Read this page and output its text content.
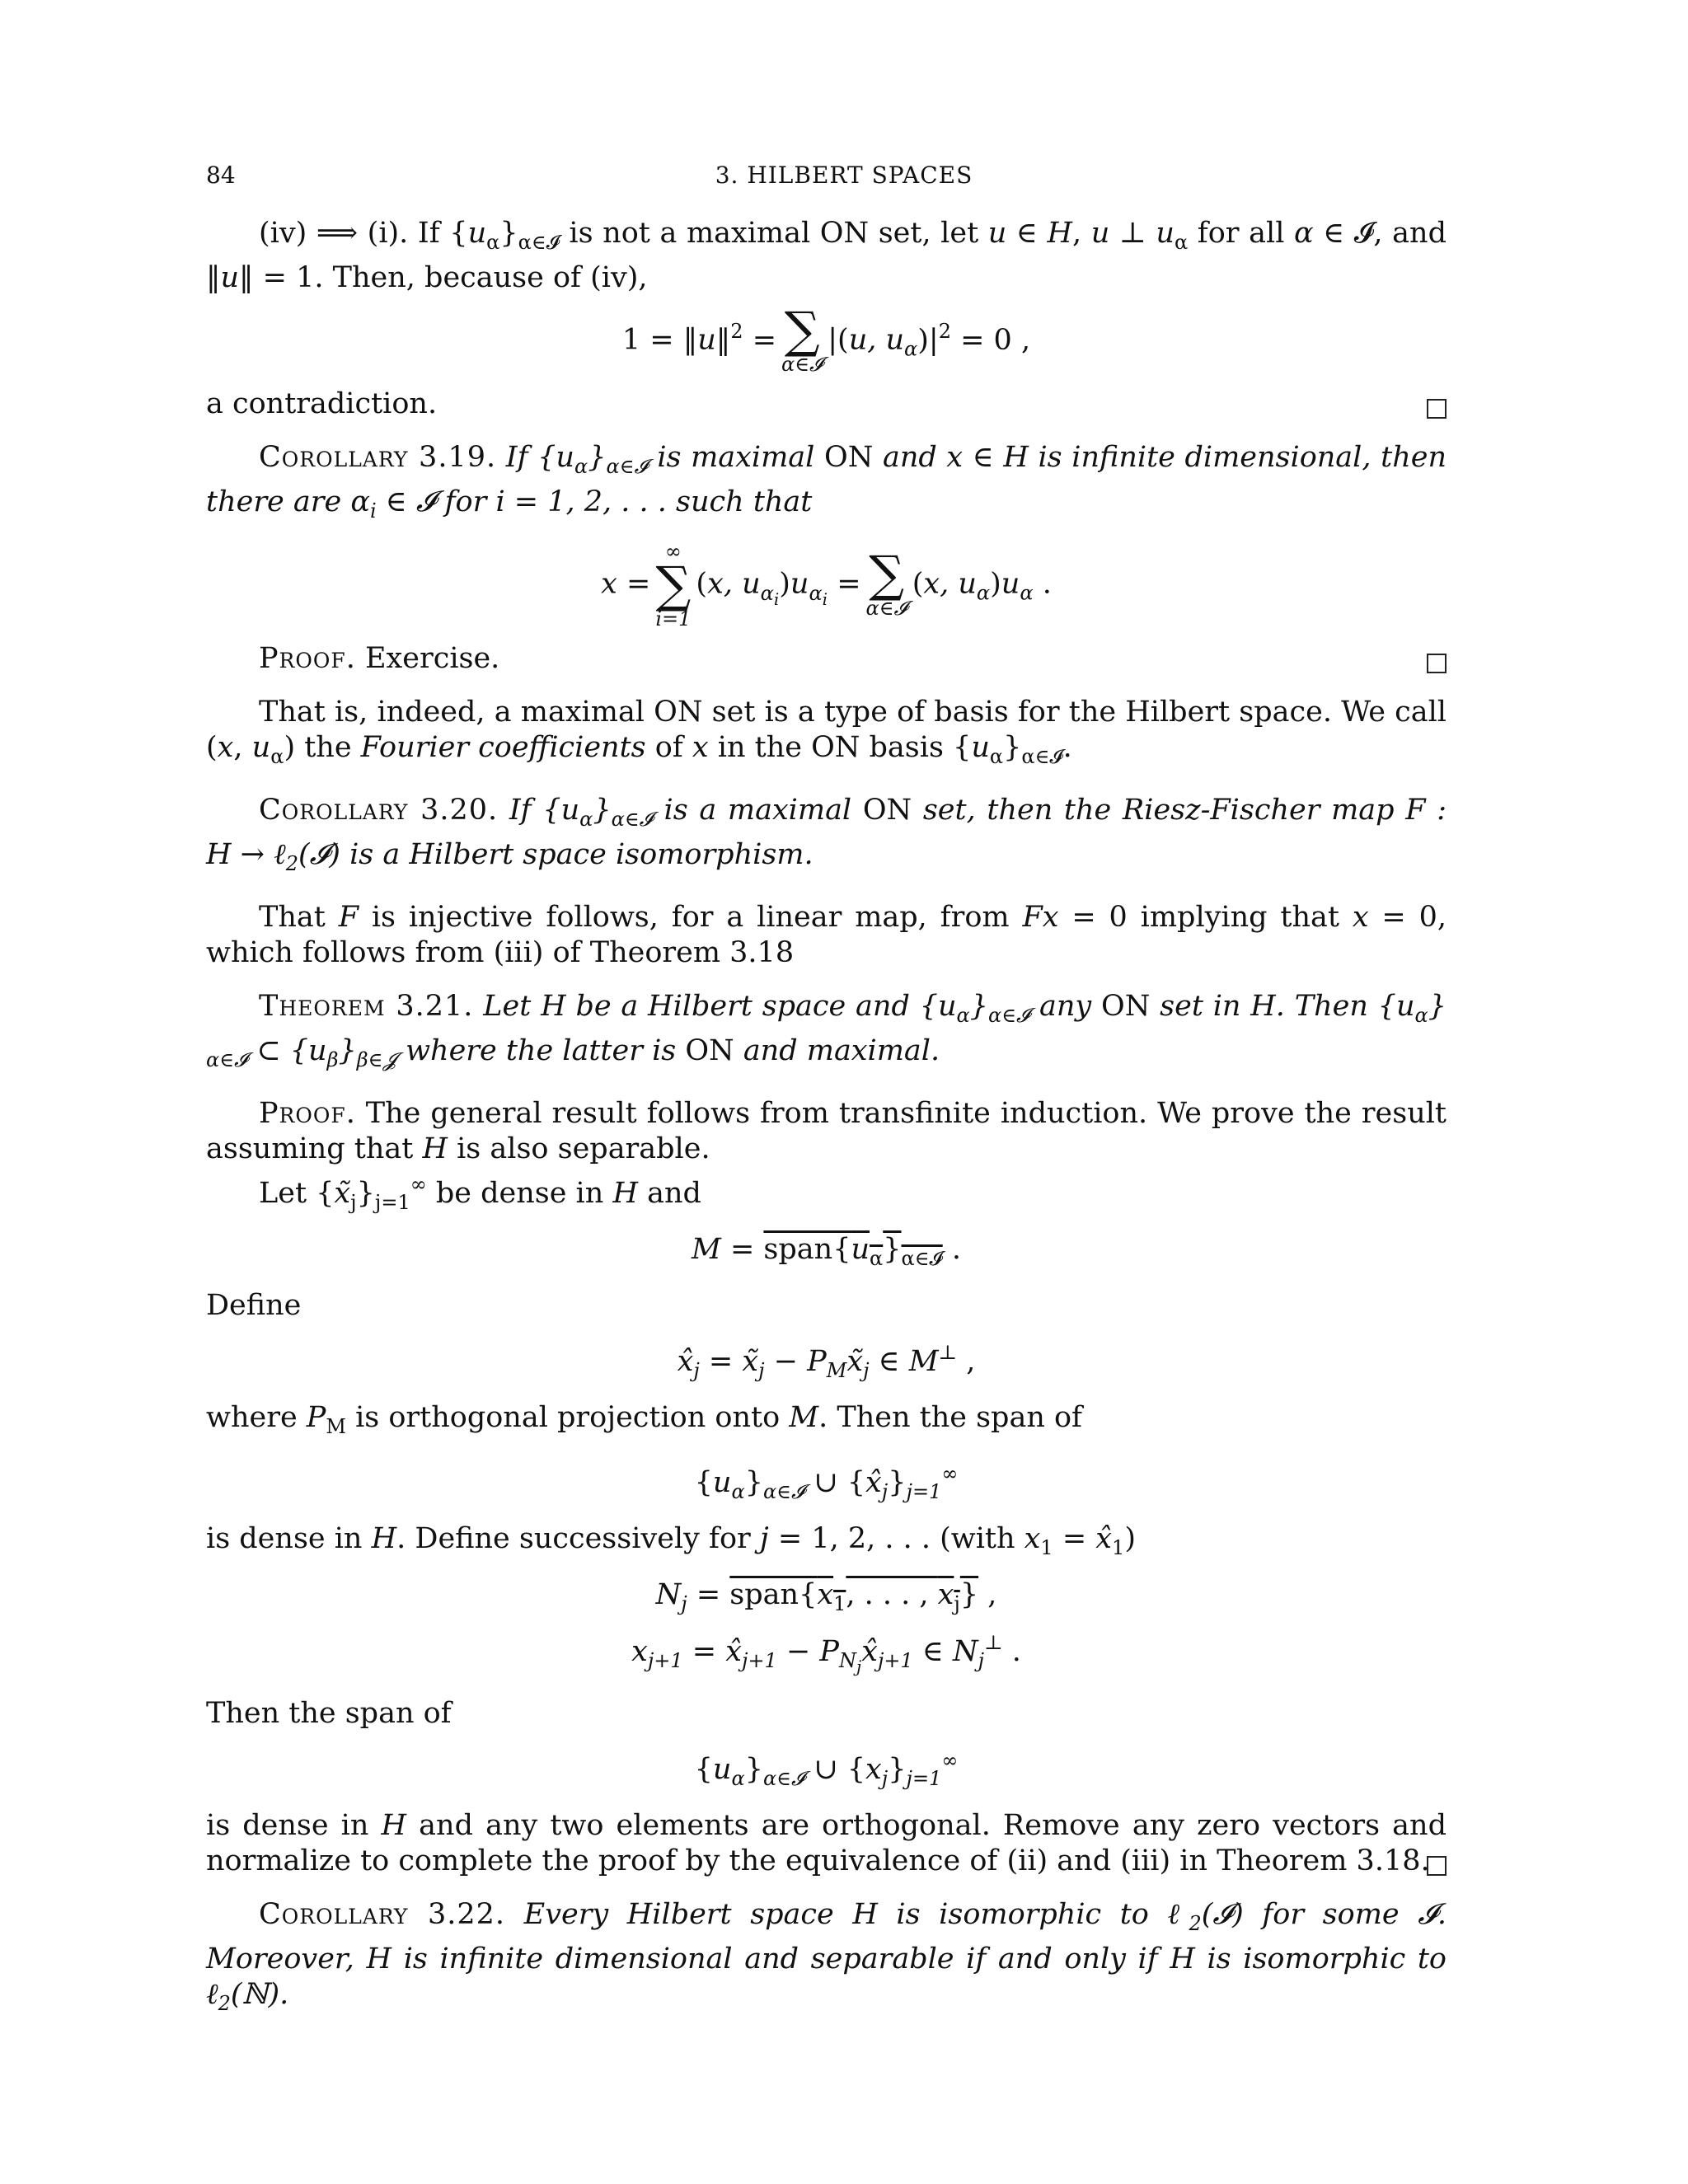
84	3. HILBERT SPACES

(iv) ⟹ (i). If $\{u_\alpha\}_{\alpha\in 𝓘}$ is not a maximal ON set, let u ∈ H, u ⊥ $u_\alpha$ for all α ∈ 𝓘, and ‖u‖ = 1. Then, because of (iv),

1 = ‖u‖$^2$ = ∑
α∈𝓘
|(u, $u_\alpha)|^2 = 0$ ,

a contradiction.

Corollary 3.19. If $\{u_\alpha\}_{\alpha\in 𝓘}$ is maximal ON and x ∈ H is infinite dimensional, then there are $\alpha_i$ ∈ 𝓘 for i = 1, 2, . . . such that

x =
∞
∑
i=1
(x, $u_{\alpha_i})u_{\alpha_i}$ = ∑
α∈𝓘
(x, $u_\alpha)u_\alpha$ .

Proof. Exercise.

That is, indeed, a maximal ON set is a type of basis for the Hilbert space. We call (x, $u_\alpha$) the Fourier coefficients of x in the ON basis $\{u_\alpha\}_{\alpha\in 𝓘}$.

Corollary 3.20. If $\{u_\alpha\}_{\alpha\in 𝓘}$ is a maximal ON set, then the Riesz-Fischer map F : H → ℓ$_2$(𝓘) is a Hilbert space isomorphism.

That F is injective follows, for a linear map, from Fx = 0 implying that x = 0, which follows from (iii) of Theorem 3.18

Theorem 3.21. Let H be a Hilbert space and $\{u_\alpha\}_{\alpha\in 𝓘}$ any ON set in H. Then $\{u_\alpha\}_{\alpha\in 𝓘}$ ⊂ $\{u_\beta\}_{\beta\in 𝓙}$ where the latter is ON and maximal.

Proof. The general result follows from transfinite induction. We prove the result assuming that H is also separable.

Let $\{x̃_j\}_{j=1}^\infty$ be dense in H and

$M = span\{u_\alpha\}_{\alpha\in 𝓘}$ .

Define

$x̂_j$ = $x̃_j$ − $P_Mx̃_j$ ∈ M⊥ ,

where $P_M$ is orthogonal projection onto M. Then the span of

$\{u_\alpha\}_{\alpha\in 𝓘}$ ∪ $\{x̂_j\}_{j=1}^\infty$

is dense in H. Define successively for j = 1, 2, . . . (with $x_1$ = $x̂_1$)

$N_j$ = $span\{x_1$, . . . , $x_j$} ,
$x_{j+1}$ = $x̂_{j+1}$ − $P_{N_j}x̂_{j+1}$ ∈ $N_j^\perp$ .

Then the span of

$\{u_\alpha\}_{\alpha\in 𝓘}$ ∪ $\{x_j\}_{j=1}^\infty$

is dense in H and any two elements are orthogonal. Remove any zero vectors and normalize to complete the proof by the equivalence of (ii) and (iii) in Theorem 3.18.

Corollary 3.22. Every Hilbert space H is isomorphic to ℓ$_2$(𝓘) for some 𝓘. Moreover, H is infinite dimensional and separable if and only if H is isomorphic to ℓ$_2$(ℕ).
